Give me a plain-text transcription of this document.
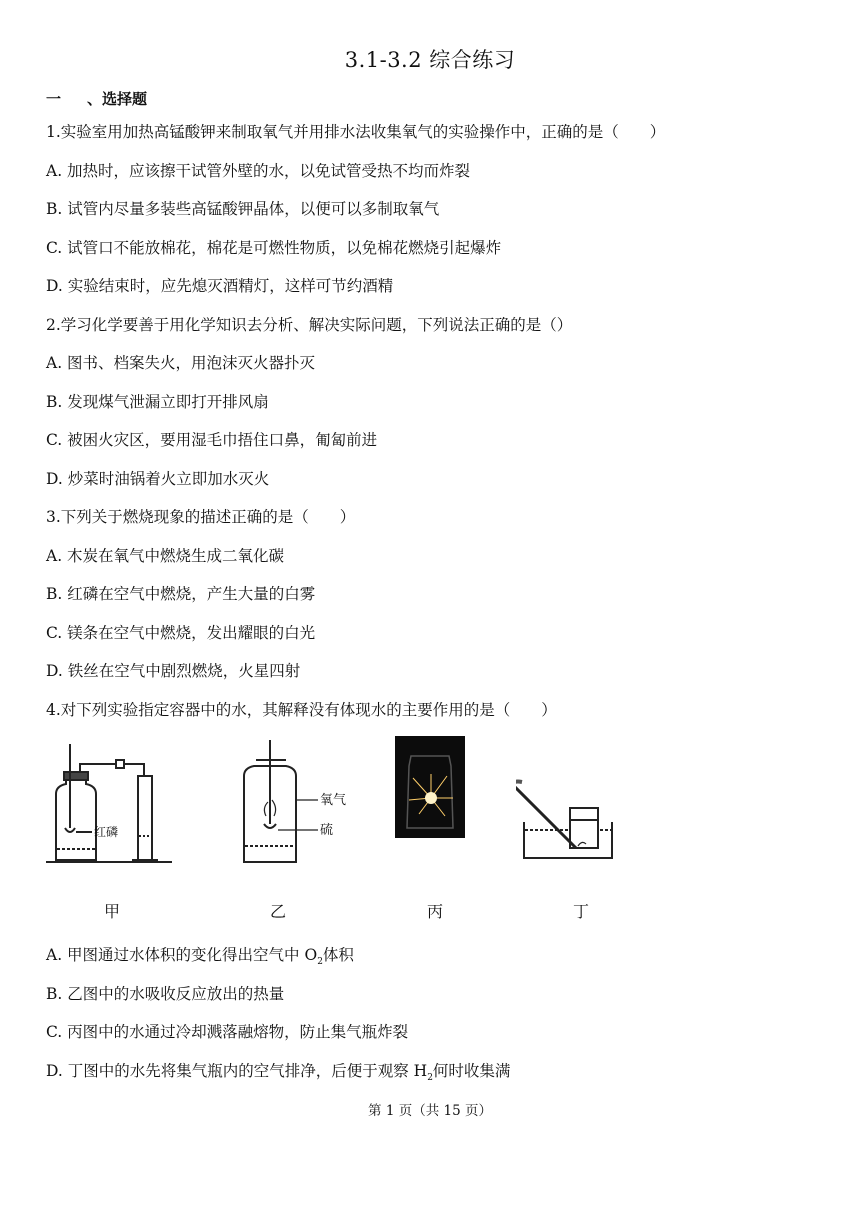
3.1-3.2 综合练习
一 、选择题
1.实验室用加热高锰酸钾来制取氧气并用排水法收集氧气的实验操作中，正确的是（　　）
A. 加热时，应该擦干试管外壁的水，以免试管受热不均而炸裂
B. 试管内尽量多装些高锰酸钾晶体，以便可以多制取氧气
C. 试管口不能放棉花，棉花是可燃性物质，以免棉花燃烧引起爆炸
D. 实验结束时，应先熄灭酒精灯，这样可节约酒精
2.学习化学要善于用化学知识去分析、解决实际问题，下列说法正确的是（）
A. 图书、档案失火，用泡沫灭火器扑灭
B. 发现煤气泄漏立即打开排风扇
C. 被困火灾区，要用湿毛巾捂住口鼻，匍匐前进
D. 炒菜时油锅着火立即加水灭火
3.下列关于燃烧现象的描述正确的是（　　）
A. 木炭在氧气中燃烧生成二氧化碳
B. 红磷在空气中燃烧，产生大量的白雾
C. 镁条在空气中燃烧，发出耀眼的白光
D. 铁丝在空气中剧烈燃烧，火星四射
4.对下列实验指定容器中的水，其解释没有体现水的主要作用的是（　　）
红磷
氧气
硫
甲	乙	丙	丁
A. 甲图通过水体积的变化得出空气中 $O_2$体积
B. 乙图中的水吸收反应放出的热量
C. 丙图中的水通过冷却溅落融熔物，防止集气瓶炸裂
D. 丁图中的水先将集气瓶内的空气排净，后便于观察 $H_2$何时收集满
第 1 页（共 15 页）
